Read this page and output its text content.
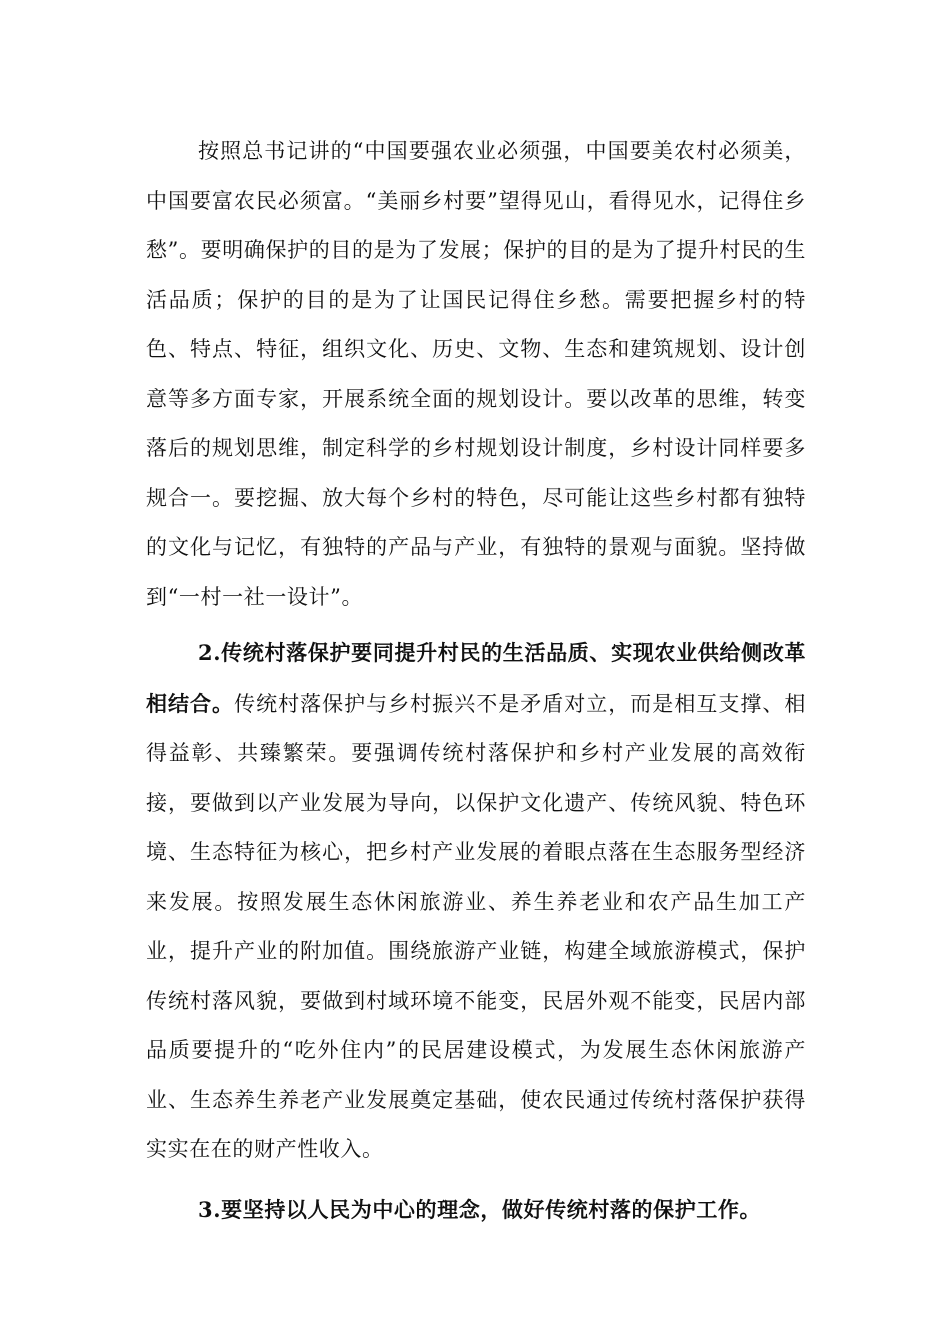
按照总书记讲的“中国要强农业必须强，中国要美农村必须美，中国要富农民必须富。“美丽乡村要”望得见山，看得见水，记得住乡愁”。要明确保护的目的是为了发展；保护的目的是为了提升村民的生活品质；保护的目的是为了让国民记得住乡愁。需要把握乡村的特色、特点、特征，组织文化、历史、文物、生态和建筑规划、设计创意等多方面专家，开展系统全面的规划设计。要以改革的思维，转变落后的规划思维，制定科学的乡村规划设计制度，乡村设计同样要多规合一。要挖掘、放大每个乡村的特色，尽可能让这些乡村都有独特的文化与记忆，有独特的产品与产业，有独特的景观与面貌。坚持做到“一村一社一设计”。

2.传统村落保护要同提升村民的生活品质、实现农业供给侧改革相结合。传统村落保护与乡村振兴不是矛盾对立，而是相互支撑、相得益彰、共臻繁荣。要强调传统村落保护和乡村产业发展的高效衔接，要做到以产业发展为导向，以保护文化遗产、传统风貌、特色环境、生态特征为核心，把乡村产业发展的着眼点落在生态服务型经济来发展。按照发展生态休闲旅游业、养生养老业和农产品生加工产业，提升产业的附加值。围绕旅游产业链，构建全域旅游模式，保护传统村落风貌，要做到村域环境不能变，民居外观不能变，民居内部品质要提升的“吃外住内”的民居建设模式，为发展生态休闲旅游产业、生态养生养老产业发展奠定基础，使农民通过传统村落保护获得实实在在的财产性收入。

3.要坚持以人民为中心的理念，做好传统村落的保护工作。
